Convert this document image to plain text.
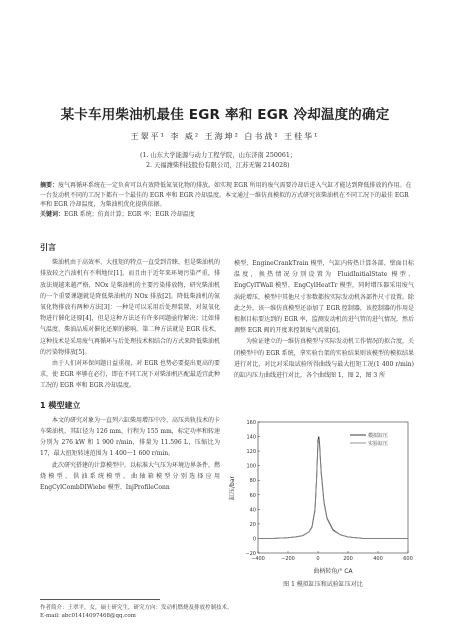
某卡车用柴油机最佳 EGR 率和 EGR 冷却温度的确定
王翠平¹ 李 威² 王海坤² 白书战¹ 王桂华¹
(1. 山东大学能源与动力工程学院，山东济南 250061；
2. 天福潍柴科技股份有限公司，江苏无锡 214028)
摘要：废气再循环系统在一定负荷可以有效降低氮氧化物的排放。如实现 EGR 所用的废气需要冷却后进入气缸才能达到降低排放的作用。在一台发动机不同的工况下都有一个最佳的 EGR 率和 EGR 冷却温度。本文通过一维仿真模拟的方式研究该柴油机在不同工况下的最佳 EGR 率和 EGR 冷却温度，为柴油机优化提供依据。
关键词：EGR 系统；仿真计算；EGR 率；EGR 冷却温度
引言

柴油机由于高效率、大扭矩的特点一直受到青睐，但是柴油机的排放较之汽油机有不利地位[1]，而且由于近年来环境污染严重，排放法规越来越严格，NOx 是柴油机的主要污染排放物，研究柴油机的一个重要课题就是降低柴油机的 NOx 排放[2]。降低柴油机的氮氧化物排放有两种方法[3]：一种是可以采用后处理装置，对氮氧化物进行催化还原[4]，但是这种方法还有许多问题亟待解决；比如排气温度、柴油品质对催化还原的影响。第二种方法就是 EGR 技术，这种技术是采用废气再循环与后处理技术相结合的方式来降低柴油机的污染物排放[5]。

由于人们对环保问题日益重视，对 EGR 也势必要提出更高的要求，使 EGR 率够在必行，即在不同工况下对柴油机匹配最适宜此种工况的 EGR 率和 EGR 冷却温度。

1 模型建立

本文的研究对象为一直列六缸柴用增压中冷、高压共轨技术的卡车柴油机，其缸径为 126 mm，行程为 155 mm，标定功率和转速分别为 276 kW 和 1 900 r/min，排量为 11.596 L，压缩比为 17，最大扭矩转速范围为 1 400～1 600 r/min。

此次研究搭建的计算模型中，以标准大气压为环境边界条件，燃烧模型、供油系统模型、曲轴箱模型分别选择应用 EngCylCombDIWiebe 模型、InjProfileConn

模型、EngineCrankTrain 模型，气缸内传热计算各部、壁面目标温度，换热情况分别设置为 FluidInitialState 模型、EngCylTWall 模型、EngCylHeatTr 模型，同时增压器采用废气涡轮增压，模型中其他尺寸参数都按实际发动机各部件尺寸设置。除此之外，该一维仿真模型还添加了 EGR 控制器，该控制器的作用是根据目标要达到的 EGR 率，监测发动机的进气管的进气情况，然后调整 EGR 阀的开度来控制废气流量[6]。

为验证建立的一维仿真模型与实际发动机工作情况的拟合度，关闭模型中的 EGR 系统，拿实验台架的实验结果则该模型的模拟结果进行对比，对比对采取试验所得曲线与最大扭矩工况(1 400 r/min)的缸内压力曲线进行对比，各个曲线图 1，图 2，图 3 所

160
140
120
100
80
60
40
20
0
−20
−400	−200	0	200	400	600
缸压/bar
曲柄转角/° CA
模拟缸压
实验缸压
图 1 模拟缸压和试验缸压对比
作者简介：王翠平，女，硕士研究生，研究方向：发动机燃烧及排放控制技术。
E-mail: abc01414097468@qq.com
